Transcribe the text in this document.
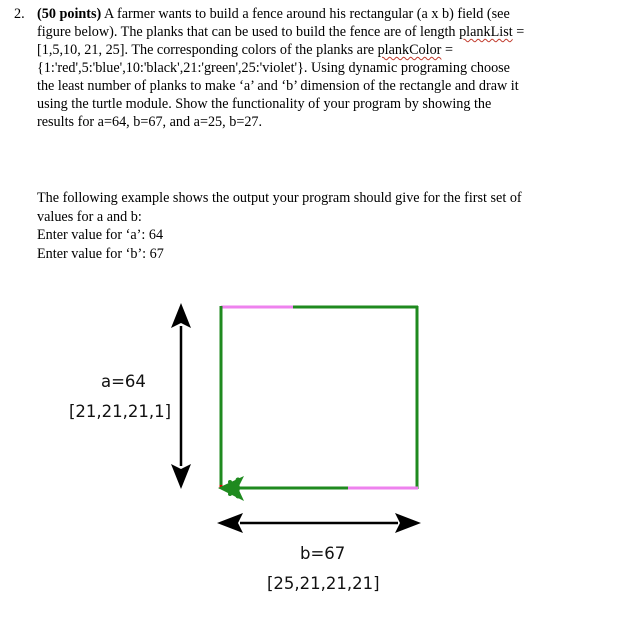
2. (50 points) A farmer wants to build a fence around his rectangular (a x b) field (see
figure below). The planks that can be used to build the fence are of length plankList =
[1,5,10, 21, 25]. The corresponding colors of the planks are plankColor =
{1:'red',5:'blue',10:'black',21:'green',25:'violet'}. Using dynamic programing choose
the least number of planks to make ‘a’ and ‘b’ dimension of the rectangle and draw it
using the turtle module. Show the functionality of your program by showing the
results for a=64, b=67, and a=25, b=27.
The following example shows the output your program should give for the first set of
values for a and b:
Enter value for ‘a’: 64
Enter value for ‘b’: 67
a=64
[21,21,21,1]
b=67
[25,21,21,21]
